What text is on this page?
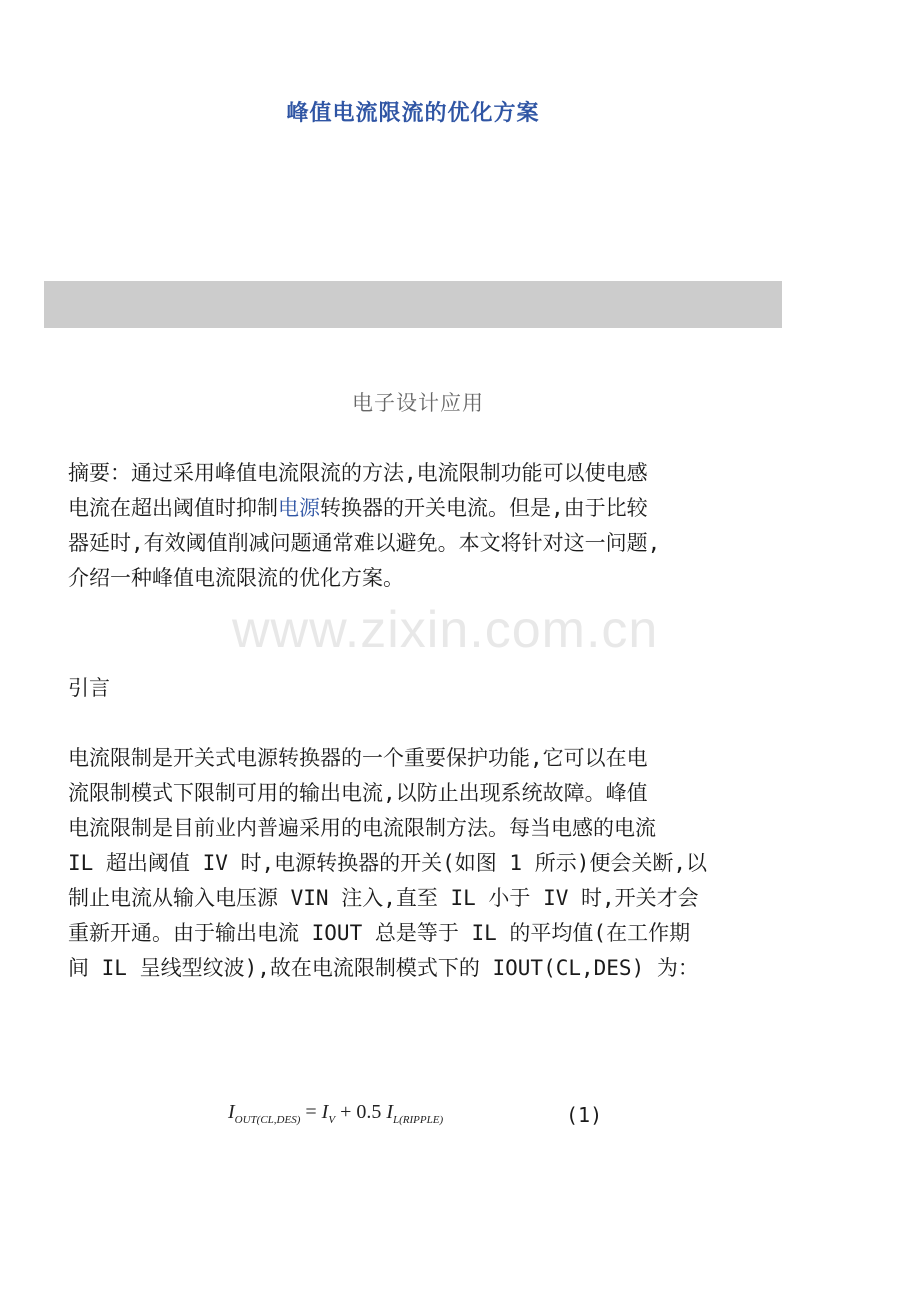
峰值电流限流的优化方案
电子设计应用
www.zixin.com.cn
摘要：通过采用峰值电流限流的方法,电流限制功能可以使电感
电流在超出阈值时抑制电源转换器的开关电流。但是,由于比较
器延时,有效阈值削减问题通常难以避免。本文将针对这一问题,
介绍一种峰值电流限流的优化方案。
引言
电流限制是开关式电源转换器的一个重要保护功能,它可以在电
流限制模式下限制可用的输出电流,以防止出现系统故障。峰值
电流限制是目前业内普遍采用的电流限制方法。每当电感的电流
IL 超出阈值 IV 时,电源转换器的开关(如图 1 所示)便会关断,以
制止电流从输入电压源 VIN 注入,直至 IL 小于 IV 时,开关才会
重新开通。由于输出电流 IOUT 总是等于 IL 的平均值(在工作期
间 IL 呈线型纹波),故在电流限制模式下的 IOUT(CL,DES) 为：
$I_{OUT(CL,DES)} = I_V + 0.5$ $I_{L(RIPPLE)}$	(1)
